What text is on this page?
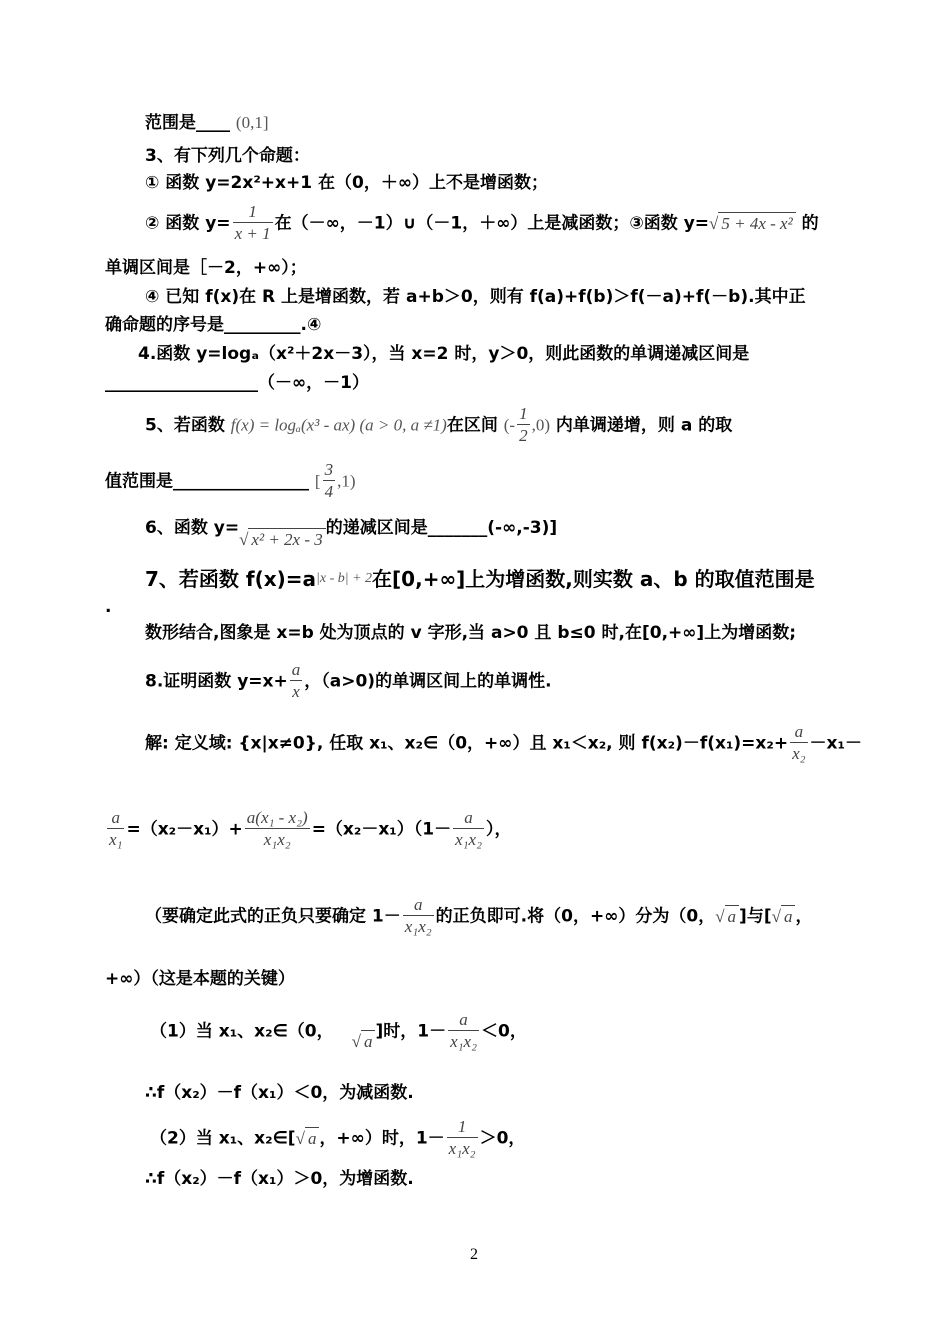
范围是____ (0,1]
3、有下列几个命题：
① 函数 y=2x²+x+1 在（0，＋∞）上不是增函数；
② 函数 $y= \frac{1}{x + 1}$ 在（－∞，－1）∪（－1，＋∞）上是减函数；③函数 y=√ 5 + 4x - x² 的
单调区间是［－2，+∞）；
④ 已知 f(x)在 R 上是增函数，若 a+b＞0，则有 f(a)+f(b)＞f(－a)+f(－b).其中正
确命题的序号是_________.④
4.函数 y=logₐ（x²＋2x－3），当 x=2 时，y＞0，则此函数的单调递减区间是
__________________（－∞，－1）
5、若函数 f(x) = logₐ(x³ - ax) (a > 0, a ≠1)在区间 (- $\frac{1}{2} ,0$) 内单调递增，则 a 的取
值范围是________________ [ $\frac{3}{4} ,1$)
6、函数 y=√ x² + 2x - 3的递减区间是_______(-∞,-3)]
7、若函数 $f(x)=a^{|x - b| + 2}$在[0,+∞]上为增函数,则实数 a、b 的取值范围是
.
数形结合,图象是 x=b 处为顶点的 v 字形,当 a>0 且 b≤0 时,在[0,+∞]上为增函数;
8.证明函数 $y=x+ \frac{a}{x}$ ，（a>0)的单调区间上的单调性.
解: 定义域: {x|x≠0}, 任取 x₁、x₂∈（0，+∞）且 x₁＜x₂, 则 $f(x_2)-f(x_1)=x_2+ \frac{a}{\text{x₂}} -x_1-$
$\frac{a}{\text{x₁}} =(x_2-x_1)+ \frac{\text{a(x₁ - x₂)}}{\text{x₁x₂}} =(x_2-x_1)(1- \frac{a}{\text{x₁x₂}}$ ），
（要确定此式的正负只要确定 $1- \frac{a}{\text{x₁x₂}}$ 的正负即可.将（0，+∞）分为（0，√ a ]与[√ a ，
+∞）（这是本题的关键）
（1）当 x₁、x₂∈（0， √ a ]时，$1- \frac{a}{\text{x₁x₂}} <0$，
∴f（x₂）－f（x₁）＜0，为减函数.
（2）当 x₁、x₂∈[√ a ，+∞）时，$1- \frac{1}{\text{x₁x₂}} >0$，
∴f（x₂）－f（x₁）＞0，为增函数.
2
